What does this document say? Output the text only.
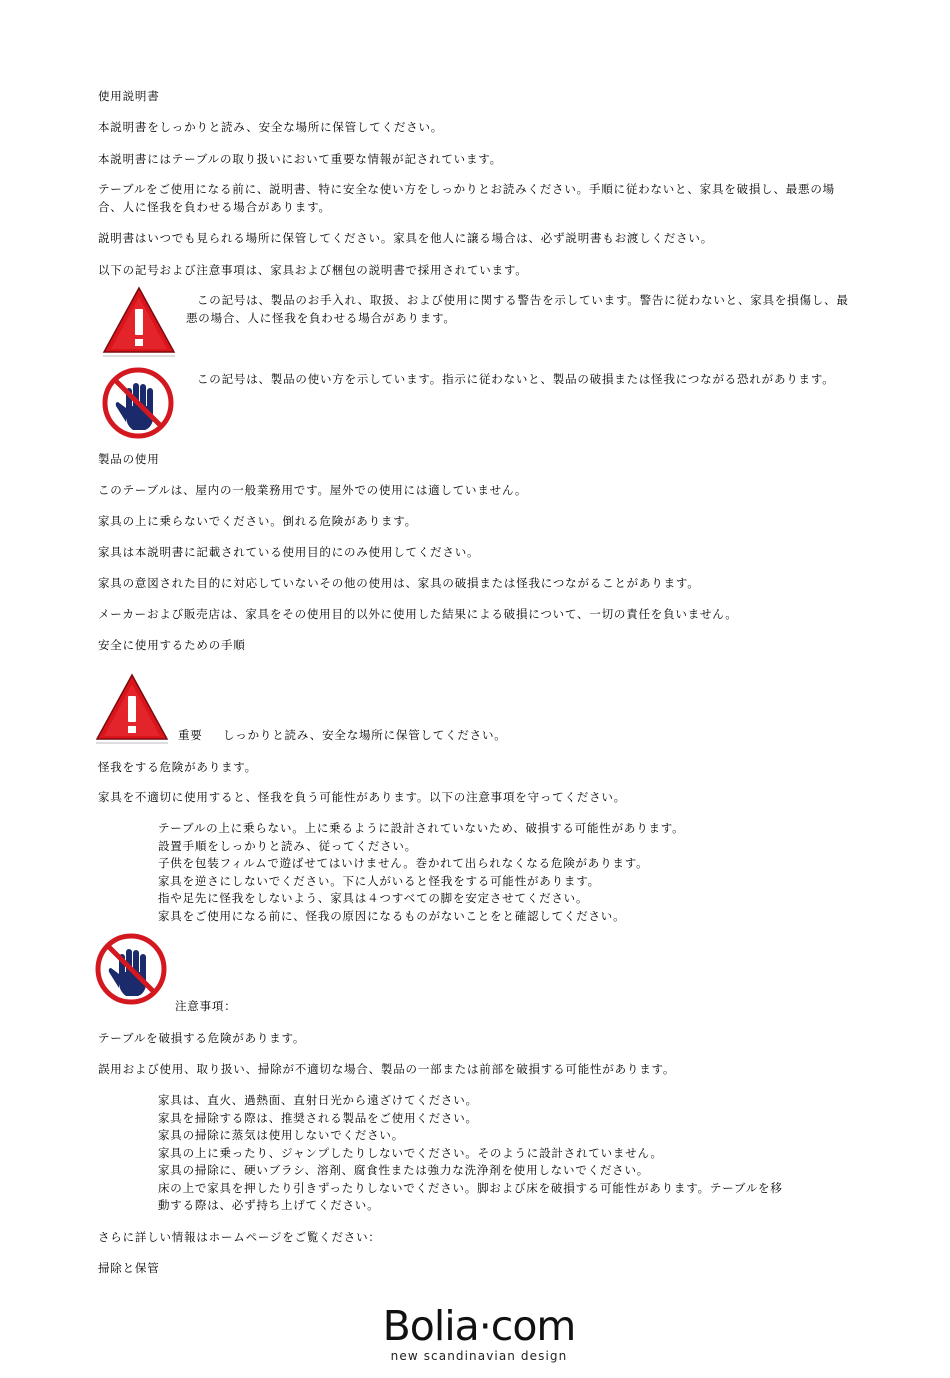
使用説明書
本説明書をしっかりと読み、安全な場所に保管してください。
本説明書にはテーブルの取り扱いにおいて重要な情報が記されています。
テーブルをご使用になる前に、説明書、特に安全な使い方をしっかりとお読みください。手順に従わないと、家具を破損し、最悪の場合、人に怪我を負わせる場合があります。
説明書はいつでも見られる場所に保管してください。家具を他人に譲る場合は、必ず説明書もお渡しください。
以下の記号および注意事項は、家具および梱包の説明書で採用されています。
この記号は、製品のお手入れ、取扱、および使用に関する警告を示しています。警告に従わないと、家具を損傷し、最悪の場合、人に怪我を負わせる場合があります。
この記号は、製品の使い方を示しています。指示に従わないと、製品の破損または怪我につながる恐れがあります。
製品の使用
このテーブルは、屋内の一般業務用です。屋外での使用には適していません。
家具の上に乗らないでください。倒れる危険があります。
家具は本説明書に記載されている使用目的にのみ使用してください。
家具の意図された目的に対応していないその他の使用は、家具の破損または怪我につながることがあります。
メーカーおよび販売店は、家具をその使用目的以外に使用した結果による破損について、一切の責任を負いません。
安全に使用するための手順
重要 しっかりと読み、安全な場所に保管してください。
怪我をする危険があります。
家具を不適切に使用すると、怪我を負う可能性があります。以下の注意事項を守ってください。
テーブルの上に乗らない。上に乗るように設計されていないため、破損する可能性があります。
設置手順をしっかりと読み、従ってください。
子供を包装フィルムで遊ばせてはいけません。巻かれて出られなくなる危険があります。
家具を逆さにしないでください。下に人がいると怪我をする可能性があります。
指や足先に怪我をしないよう、家具は４つすべての脚を安定させてください。
家具をご使用になる前に、怪我の原因になるものがないことをと確認してください。
注意事項：
テーブルを破損する危険があります。
誤用および使用、取り扱い、掃除が不適切な場合、製品の一部または前部を破損する可能性があります。
家具は、直火、過熱面、直射日光から遠ざけてください。
家具を掃除する際は、推奨される製品をご使用ください。
家具の掃除に蒸気は使用しないでください。
家具の上に乗ったり、ジャンプしたりしないでください。そのように設計されていません。
家具の掃除に、硬いブラシ、溶剤、腐食性または強力な洗浄剤を使用しないでください。
床の上で家具を押したり引きずったりしないでください。脚および床を破損する可能性があります。テーブルを移
動する際は、必ず持ち上げてください。
さらに詳しい情報はホームページをご覧ください：
掃除と保管
Bolia·com
new scandinavian design
